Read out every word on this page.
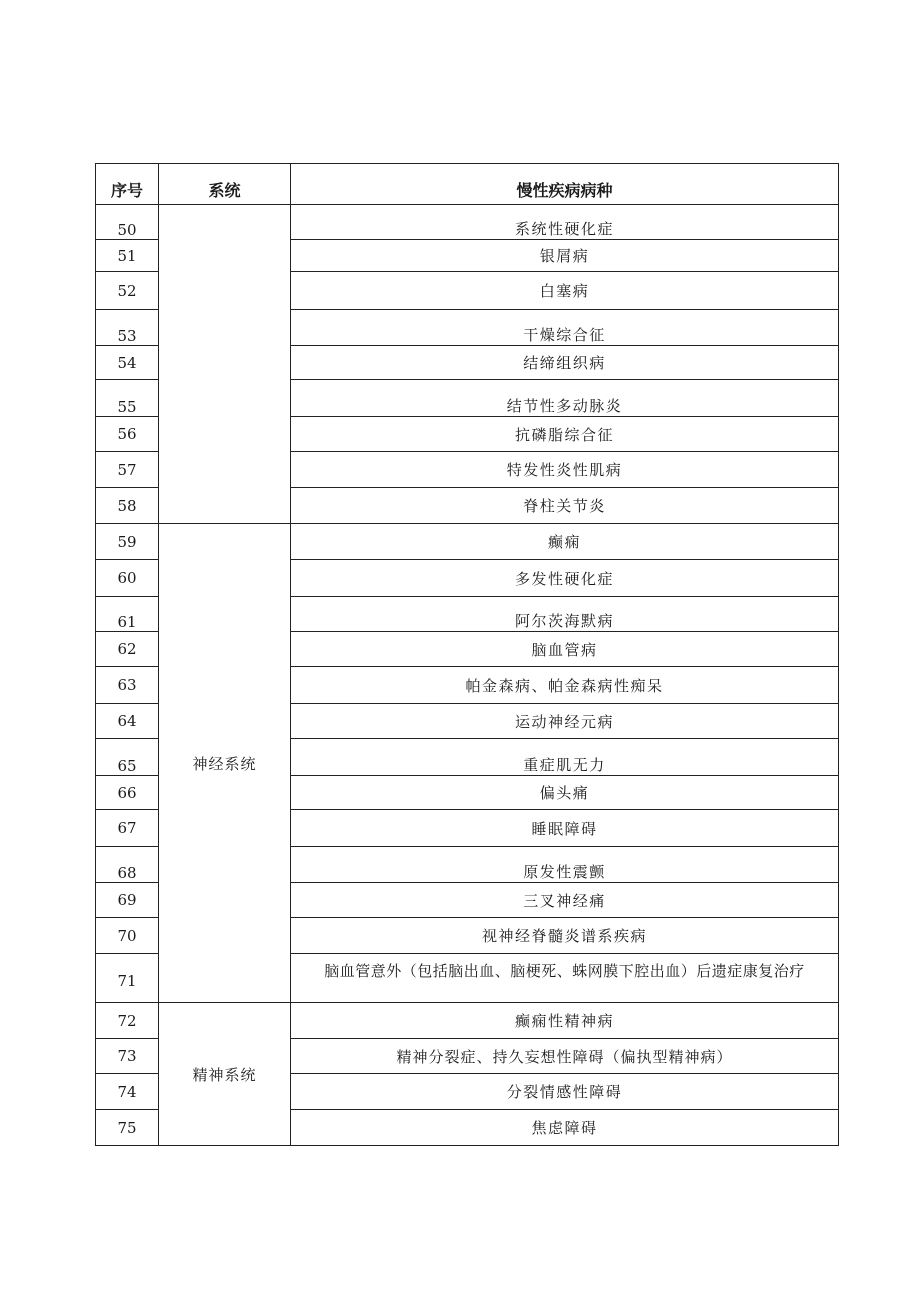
序号	系统	慢性疾病病种
50		系统性硬化症
51		银屑病
52		白塞病
53		干燥综合征
54		结缔组织病
55		结节性多动脉炎
56		抗磷脂综合征
57		特发性炎性肌病
58		脊柱关节炎
59	神经系统	癫痫
60		多发性硬化症
61		阿尔茨海默病
62		脑血管病
63		帕金森病、帕金森病性痴呆
64		运动神经元病
65		重症肌无力
66		偏头痛
67		睡眠障碍
68		原发性震颤
69		三叉神经痛
70		视神经脊髓炎谱系疾病
71		脑血管意外（包括脑出血、脑梗死、蛛网膜下腔出血）后遗症康复治疗
72	精神系统	癫痫性精神病
73		精神分裂症、持久妄想性障碍（偏执型精神病）
74		分裂情感性障碍
75		焦虑障碍
